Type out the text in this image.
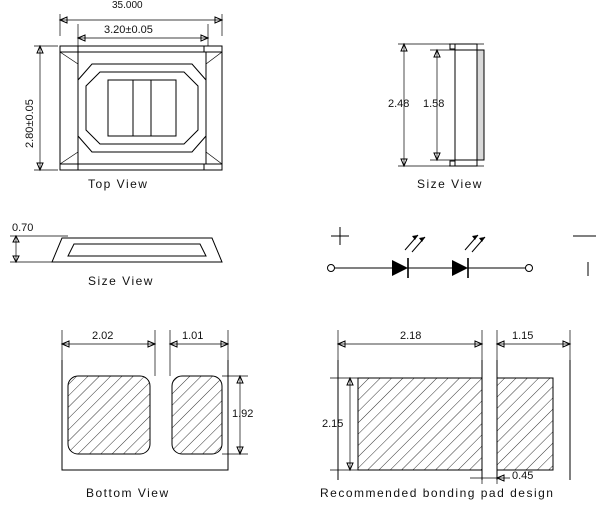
35.000
3.20±0.05
2.80±0.05
Top View
2.48 1.58
Size View
0.70
Size View
2.02	1.01
1.92
Bottom View
2.18	1.15
2.15
0.45
Recommended bonding pad design
